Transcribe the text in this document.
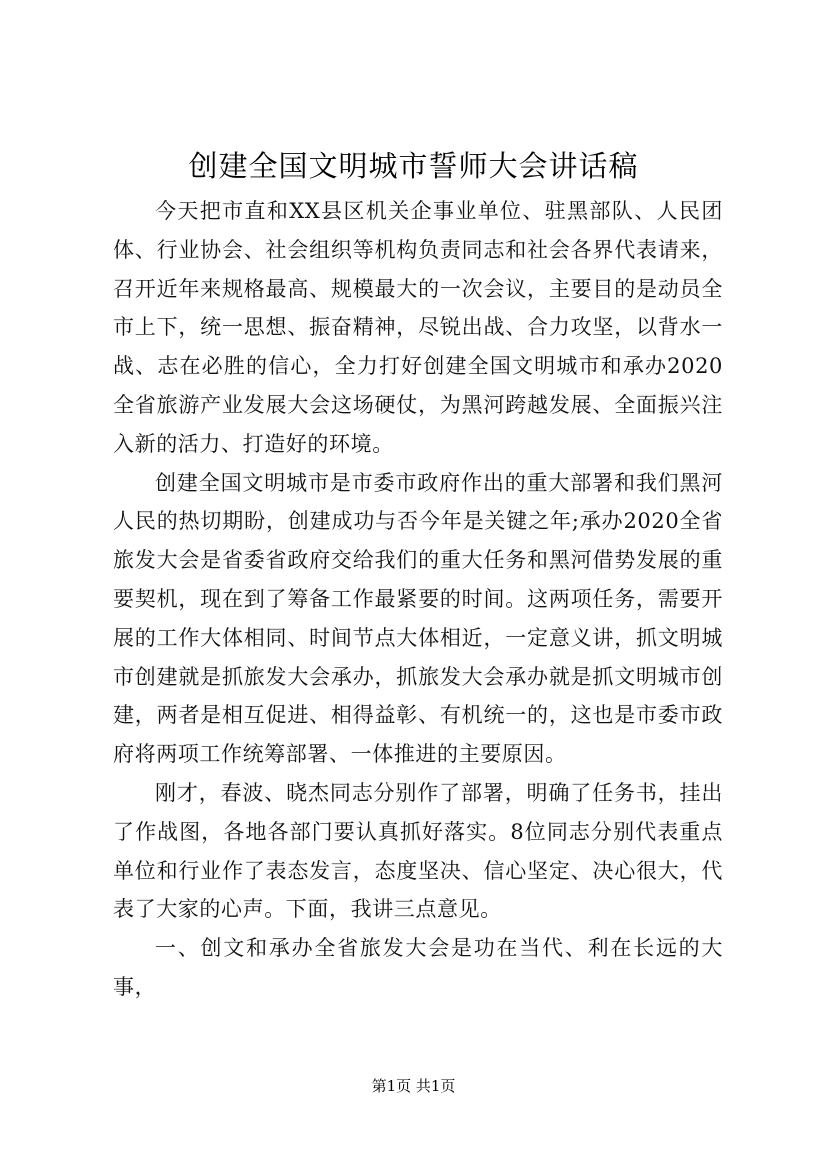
创建全国文明城市誓师大会讲话稿

今天把市直和XX县区机关企事业单位、驻黑部队、人民团体、行业协会、社会组织等机构负责同志和社会各界代表请来，召开近年来规格最高、规模最大的一次会议，主要目的是动员全市上下，统一思想、振奋精神，尽锐出战、合力攻坚，以背水一战、志在必胜的信心，全力打好创建全国文明城市和承办2020全省旅游产业发展大会这场硬仗，为黑河跨越发展、全面振兴注入新的活力、打造好的环境。

创建全国文明城市是市委市政府作出的重大部署和我们黑河人民的热切期盼，创建成功与否今年是关键之年;承办2020全省旅发大会是省委省政府交给我们的重大任务和黑河借势发展的重要契机，现在到了筹备工作最紧要的时间。这两项任务，需要开展的工作大体相同、时间节点大体相近，一定意义讲，抓文明城市创建就是抓旅发大会承办，抓旅发大会承办就是抓文明城市创建，两者是相互促进、相得益彰、有机统一的，这也是市委市政府将两项工作统筹部署、一体推进的主要原因。

刚才，春波、晓杰同志分别作了部署，明确了任务书，挂出了作战图，各地各部门要认真抓好落实。8位同志分别代表重点单位和行业作了表态发言，态度坚决、信心坚定、决心很大，代表了大家的心声。下面，我讲三点意见。

一、创文和承办全省旅发大会是功在当代、利在长远的大事，

第1页 共1页
